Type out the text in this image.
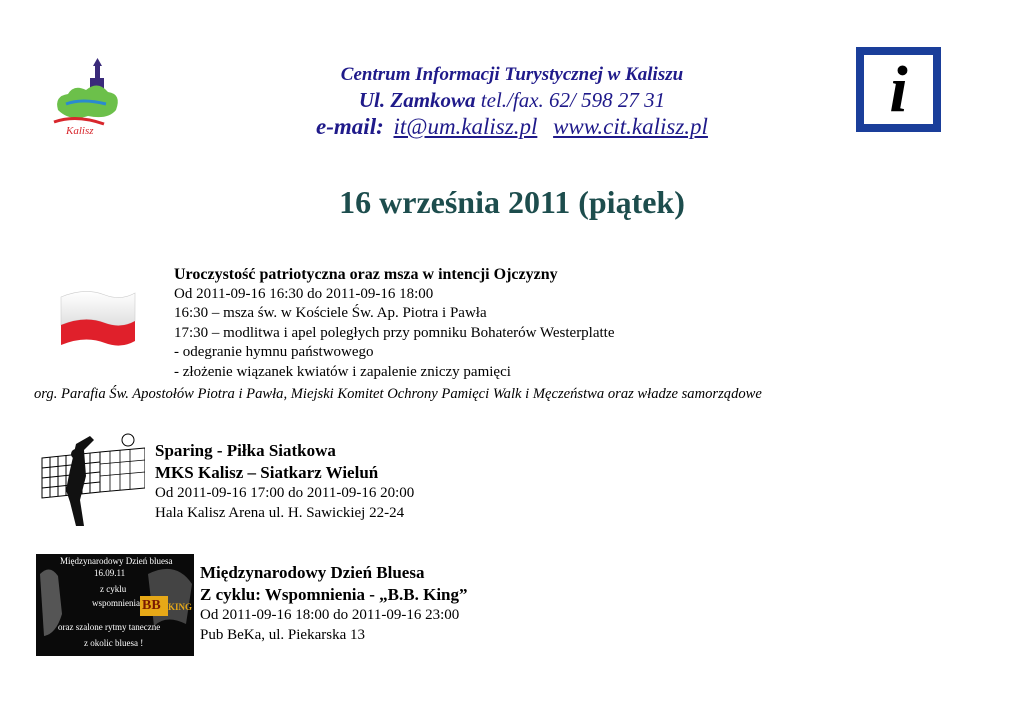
Kalisz
Centrum Informacji Turystycznej w Kaliszu
Ul. Zamkowa tel./fax. 62/ 598 27 31
e-mail: it@um.kalisz.pl www.cit.kalisz.pl
i
16 września 2011 (piątek)
Uroczystość patriotyczna oraz msza w intencji Ojczyzny
Od 2011-09-16 16:30 do 2011-09-16 18:00
16:30 – msza św. w Kościele Św. Ap. Piotra i Pawła
17:30 – modlitwa i apel poległych przy pomniku Bohaterów Westerplatte
- odegranie hymnu państwowego
- złożenie wiązanek kwiatów i zapalenie zniczy pamięci
org. Parafia Św. Apostołów Piotra i Pawła, Miejski Komitet Ochrony Pamięci Walk i Męczeństwa oraz władze samorządowe
Sparing - Piłka Siatkowa
MKS Kalisz – Siatkarz Wieluń
Od 2011-09-16 17:00 do 2011-09-16 20:00
Hala Kalisz Arena ul. H. Sawickiej 22-24
Międzynarodowy Dzień bluesa
16.09.11
z cyklu
wspomnienia BB KING
oraz szalone rytmy taneczne
z okolic bluesa !
Międzynarodowy Dzień Bluesa
Z cyklu: Wspomnienia - „B.B. King”
Od 2011-09-16 18:00 do 2011-09-16 23:00
Pub BeKa, ul. Piekarska 13
